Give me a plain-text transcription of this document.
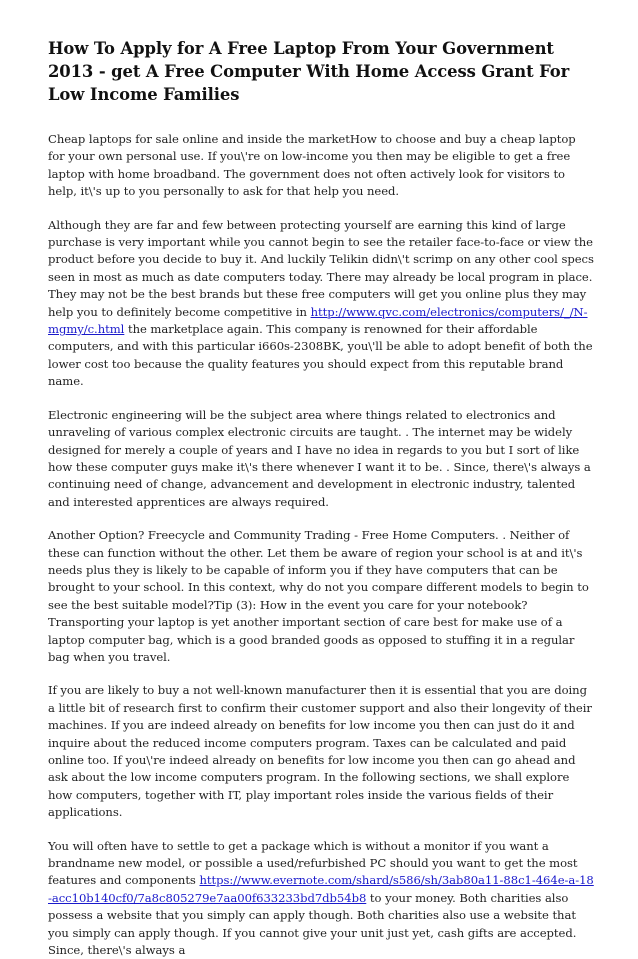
How To Apply for A Free Laptop From Your Government 2013 - get A Free Computer With Home Access Grant For Low Income Families

Cheap laptops for sale online and inside the marketHow to choose and buy a cheap laptop for your own personal use. If you\'re on low-income you then may be eligible to get a free laptop with home broadband. The government does not often actively look for visitors to help, it\'s up to you personally to ask for that help you need.

Although they are far and few between protecting yourself are earning this kind of large purchase is very important while you cannot begin to see the retailer face-to-face or view the product before you decide to buy it. And luckily Telikin didn\'t scrimp on any other cool specs seen in most as much as date computers today. There may already be local program in place. They may not be the best brands but these free computers will get you online plus they may help you to definitely become competitive in http://www.qvc.com/electronics/computers/_/N-mgmy/c.html the marketplace again. This company is renowned for their affordable computers, and with this particular i660s-2308BK, you\'ll be able to adopt benefit of both the lower cost too because the quality features you should expect from this reputable brand name.

Electronic engineering will be the subject area where things related to electronics and unraveling of various complex electronic circuits are taught. . The internet may be widely designed for merely a couple of years and I have no idea in regards to you but I sort of like how these computer guys make it\'s there whenever I want it to be. . Since, there\'s always a continuing need of change, advancement and development in electronic industry, talented and interested apprentices are always required.

Another Option? Freecycle and Community Trading - Free Home Computers. . Neither of these can function without the other. Let them be aware of region your school is at and it\'s needs plus they is likely to be capable of inform you if they have computers that can be brought to your school. In this context, why do not you compare different models to begin to see the best suitable model?Tip (3): How in the event you care for your notebook? Transporting your laptop is yet another important section of care best for make use of a laptop computer bag, which is a good branded goods as opposed to stuffing it in a regular bag when you travel.

If you are likely to buy a not well-known manufacturer then it is essential that you are doing a little bit of research first to confirm their customer support and also their longevity of their machines. If you are indeed already on benefits for low income you then can just do it and inquire about the reduced income computers program. Taxes can be calculated and paid online too. If you\'re indeed already on benefits for low income you then can go ahead and ask about the low income computers program. In the following sections, we shall explore how computers, together with IT, play important roles inside the various fields of their applications.

You will often have to settle to get a package which is without a monitor if you want a brandname new model, or possible a used/refurbished PC should you want to get the most features and components https://www.evernote.com/shard/s586/sh/3ab80a11-88c1-464e-a-18-acc10b140cf0/7a8c805279e7aa00f633233bd7db54b8 to your money. Both charities also possess a website that you simply can apply though. Both charities also use a website that you simply can apply though. If you cannot give your unit just yet, cash gifts are accepted. Since, there\'s always a
